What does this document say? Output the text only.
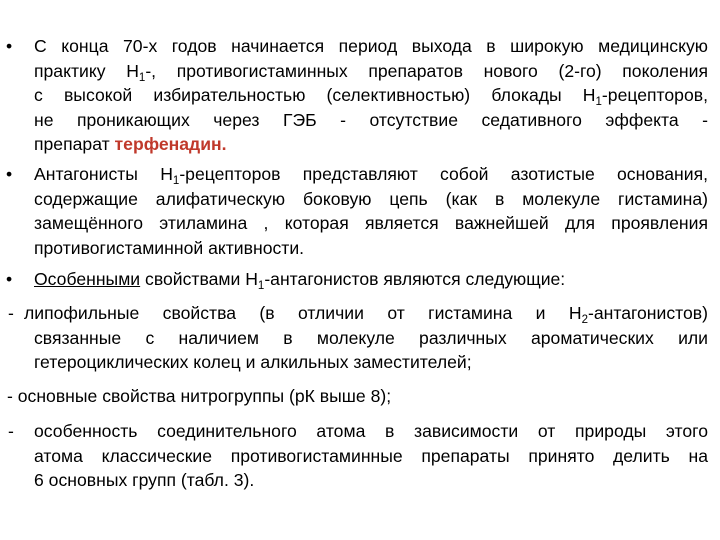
• С конца 70-х годов начинается период выхода в широкую медицинскую
практику $Н_1-$, противогистаминных препаратов нового (2-го) поколения
с высокой избирательностью (селективностью) блокады $Н_1$-рецепторов,
не проникающих через ГЭБ - отсутствие седативного эффекта -
препарат терфенадин.
• Антагонисты $Н_1$-рецепторов представляют собой азотистые основания,
содержащие алифатическую боковую цепь (как в молекуле гистамина)
замещённого этиламина , которая является важнейшей для проявления
противогистаминной активности.
• Особенными свойствами $Н_1$-антагонистов являются следующие:
- липофильные свойства (в отличии от гистамина и $Н_2-антагонистов$)
связанные с наличием в молекуле различных ароматических или
гетероциклических колец и алкильных заместителей;
- основные свойства нитрогруппы (рК выше 8);
- особенность соединительного атома в зависимости от природы этого
атома классические противогистаминные препараты принято делить на
6 основных групп (табл. 3).
